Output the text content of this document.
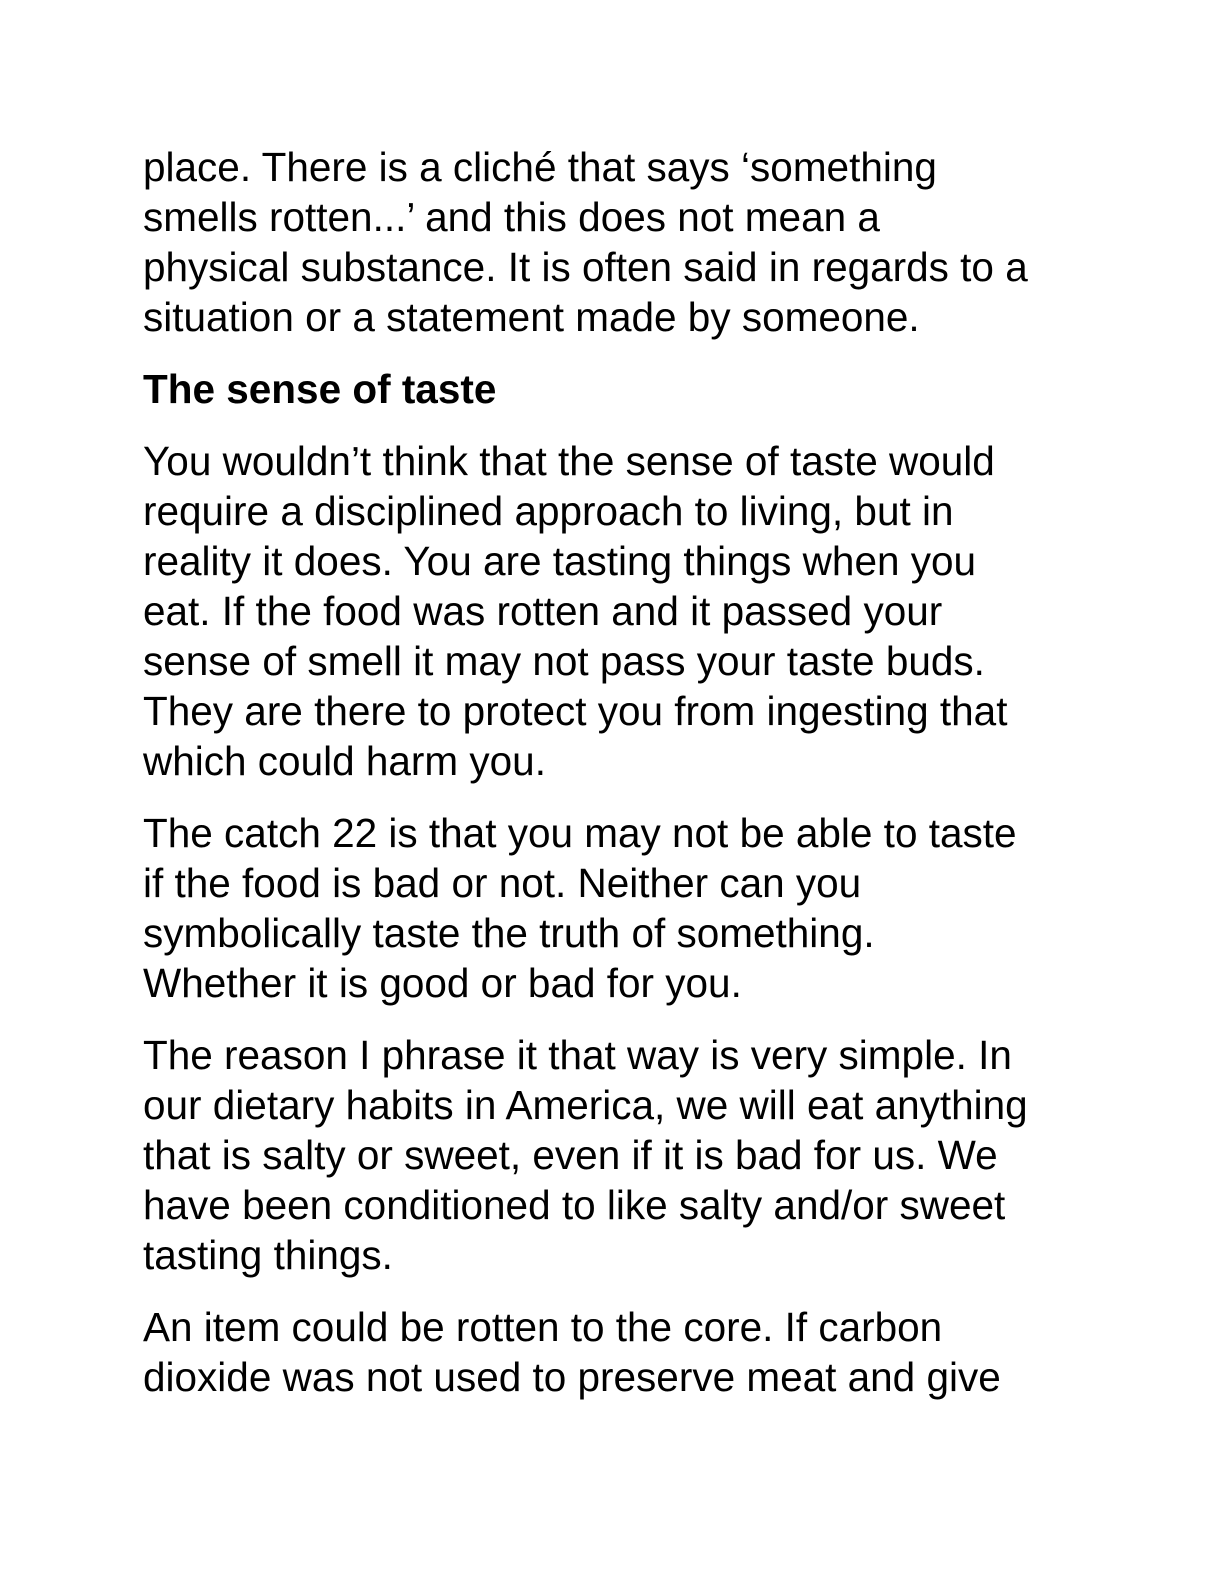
place. There is a cliché that says ‘something
smells rotten...’ and this does not mean a
physical substance. It is often said in regards to a
situation or a statement made by someone.

The sense of taste

You wouldn’t think that the sense of taste would
require a disciplined approach to living, but in
reality it does. You are tasting things when you
eat. If the food was rotten and it passed your
sense of smell it may not pass your taste buds.
They are there to protect you from ingesting that
which could harm you.

The catch 22 is that you may not be able to taste
if the food is bad or not. Neither can you
symbolically taste the truth of something.
Whether it is good or bad for you.

The reason I phrase it that way is very simple. In
our dietary habits in America, we will eat anything
that is salty or sweet, even if it is bad for us. We
have been conditioned to like salty and/or sweet
tasting things.

An item could be rotten to the core. If carbon
dioxide was not used to preserve meat and give
